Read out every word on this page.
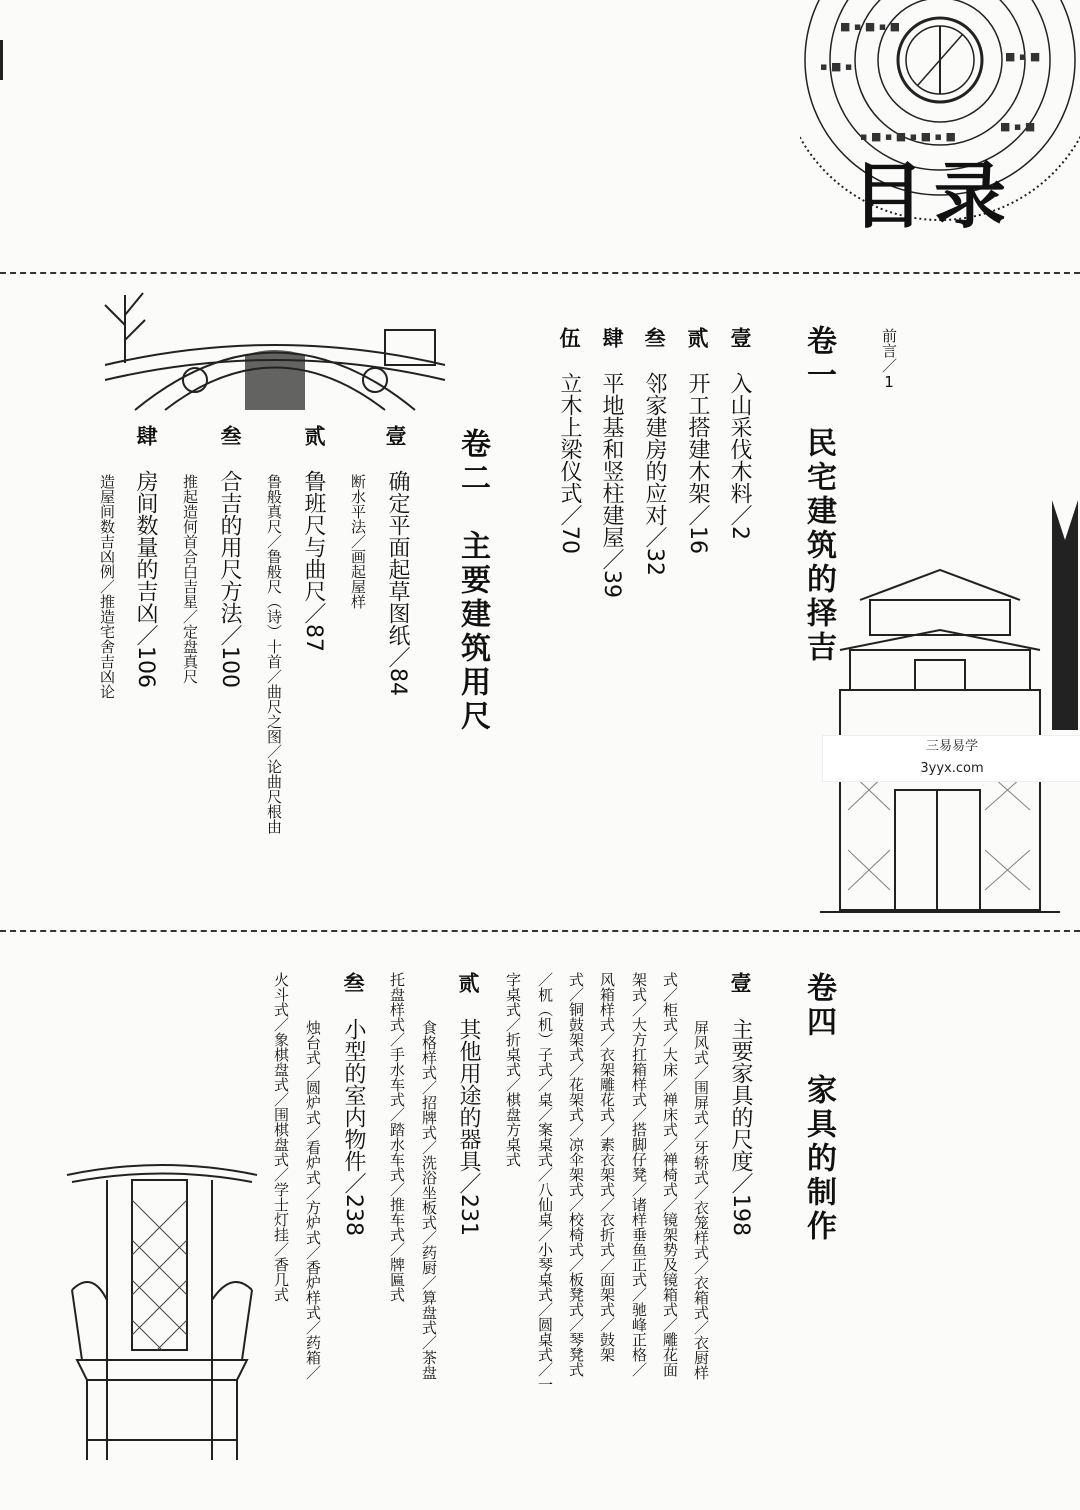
■ ▪ ■ ▪ ■
▪ ■ ▪
■ ▪ ■
▪ ■ ▪ ■ ▪ ■ ▪ ■
■ ▪ ■
目录
前言／1
卷一　民宅建筑的择吉
壹
入山采伐木料／2
贰
开工搭建木架／16
叁
邻家建房的应对／32
肆
平地基和竖柱建屋／39
伍
立木上梁仪式／70
卷二　主要建筑用尺
壹
确定平面起草图纸／84
断水平法／画起屋样
贰
鲁班尺与曲尺／87
鲁般真尺／鲁般尺（诗）十首／曲尺之图／论曲尺根由
叁
合吉的用尺方法／100
推起造何首合白吉星／定盘真尺
肆
房间数量的吉凶／106
造屋间数吉凶例／推造宅舍吉凶论
三易易学
3yyx.com
卷四　家具的制作
壹
主要家具的尺度／198
屏风式／围屏式／牙轿式／衣笼样式／衣箱式／衣厨样
式／柜式／大床／禅床式／禅椅式／镜架势及镜箱式／雕花面
架式／大方扛箱样式／搭脚仔凳／诸样垂鱼正式／驰峰正格／
风箱样式／衣架雕花式／素衣架式／衣折式／面架式／鼓架
式／铜鼓架式／花架式／凉伞架式／校椅式／板凳式／琴凳式
／杌（机）子式／桌／案桌式／八仙桌／小琴桌式／圆桌式／一
字桌式／折桌式／棋盘方桌式
贰
其他用途的器具／231
食格样式／招牌式／洗浴坐板式／药厨／算盘式／茶盘
托盘样式／手水车式／踏水车式／推车式／牌匾式
叁
小型的室内物件／238
烛台式／圆炉式／看炉式／方炉式／香炉样式／药箱／
火斗式／象棋盘式／围棋盘式／学士灯挂／香几式
